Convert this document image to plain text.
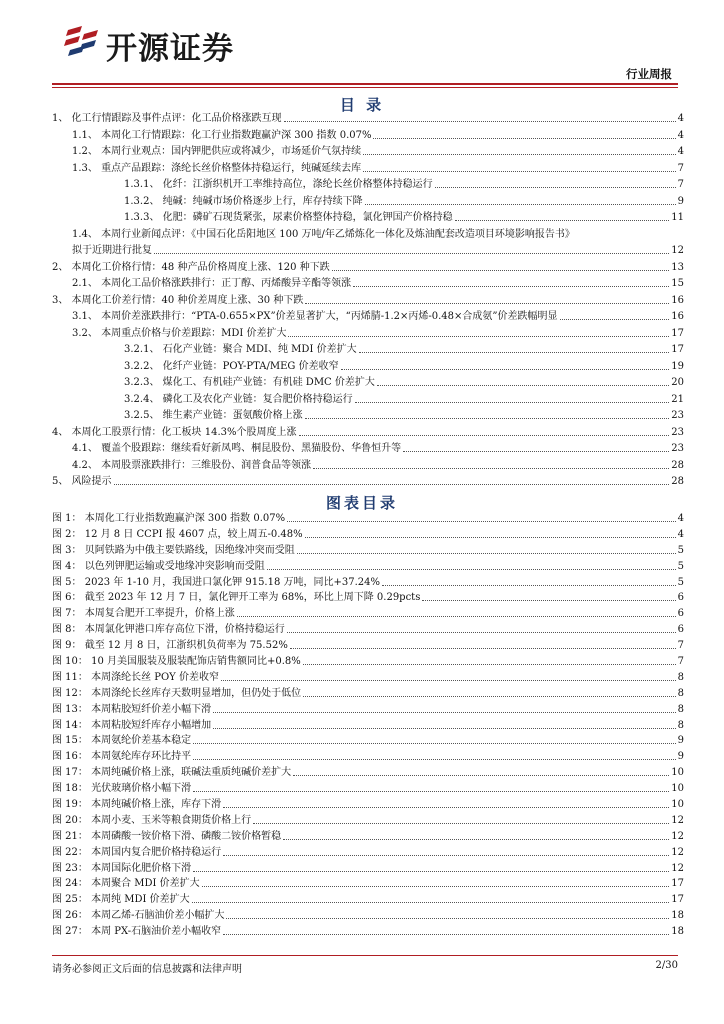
开源证券
行业周报
目 录
1、 化工行情跟踪及事件点评：化工品价格涨跌互现	4
1.1、 本周化工行情跟踪：化工行业指数跑赢沪深 300 指数 0.07%	4
1.2、 本周行业观点：国内钾肥供应或将减少，市场延价气氛持续	4
1.3、 重点产品跟踪：涤纶长丝价格整体持稳运行，纯碱延续去库	7
1.3.1、 化纤：江浙织机开工率维持高位，涤纶长丝价格整体持稳运行	7
1.3.2、 纯碱：纯碱市场价格逐步上行，库存持续下降	9
1.3.3、 化肥：磷矿石现货紧张，尿素价格整体持稳，氯化钾国产价格持稳	11
1.4、 本周行业新闻点评：《中国石化岳阳地区 100 万吨/年乙烯炼化一体化及炼油配套改造项目环境影响报告书》
拟于近期进行批复	12
2、 本周化工价格行情：48 种产品价格周度上涨、120 种下跌	13
2.1、 本周化工品价格涨跌排行：正丁醇、丙烯酸异辛酯等领涨	15
3、 本周化工价差行情：40 种价差周度上涨、30 种下跌	16
3.1、 本周价差涨跌排行：“PTA-0.655×PX”价差显著扩大，“丙烯腈-1.2×丙烯-0.48×合成氨”价差跌幅明显	16
3.2、 本周重点价格与价差跟踪：MDI 价差扩大	17
3.2.1、 石化产业链：聚合 MDI、纯 MDI 价差扩大	17
3.2.2、 化纤产业链：POY-PTA/MEG 价差收窄	19
3.2.3、 煤化工、有机硅产业链：有机硅 DMC 价差扩大	20
3.2.4、 磷化工及农化产业链：复合肥价格持稳运行	21
3.2.5、 维生素产业链：蛋氨酸价格上涨	23
4、 本周化工股票行情：化工板块 14.3%个股周度上涨	23
4.1、 覆盖个股跟踪：继续看好新凤鸣、桐昆股份、黑猫股份、华鲁恒升等	23
4.2、 本周股票涨跌排行：三维股份、润普食品等领涨	28
5、 风险提示	28
图表目录
图 1： 本周化工行业指数跑赢沪深 300 指数 0.07%	4
图 2： 12 月 8 日 CCPI 报 4607 点，较上周五-0.48%	4
图 3： 贝阿铁路为中俄主要铁路线，因绝缘冲突而受阻	5
图 4： 以色列钾肥运输或受地缘冲突影响而受阻	5
图 5： 2023 年 1-10 月，我国进口氯化钾 915.18 万吨，同比+37.24%	5
图 6： 截至 2023 年 12 月 7 日，氯化钾开工率为 68%，环比上周下降 0.29pcts	6
图 7： 本周复合肥开工率提升，价格上涨	6
图 8： 本周氯化钾港口库存高位下滑，价格持稳运行	6
图 9： 截至 12 月 8 日，江浙织机负荷率为 75.52%	7
图 10： 10 月美国服装及服装配饰店销售额同比+0.8%	7
图 11： 本周涤纶长丝 POY 价差收窄	8
图 12： 本周涤纶长丝库存天数明显增加，但仍处于低位	8
图 13： 本周粘胶短纤价差小幅下滑	8
图 14： 本周粘胶短纤库存小幅增加	8
图 15： 本周氨纶价差基本稳定	9
图 16： 本周氨纶库存环比持平	9
图 17： 本周纯碱价格上涨，联碱法重质纯碱价差扩大	10
图 18： 光伏玻璃价格小幅下滑	10
图 19： 本周纯碱价格上涨，库存下滑	10
图 20： 本周小麦、玉米等粮食期货价格上行	12
图 21： 本周磷酸一铵价格下滑、磷酸二铵价格暂稳	12
图 22： 本周国内复合肥价格持稳运行	12
图 23： 本周国际化肥价格下滑	12
图 24： 本周聚合 MDI 价差扩大	17
图 25： 本周纯 MDI 价差扩大	17
图 26： 本周乙烯-石脑油价差小幅扩大	18
图 27： 本周 PX-石脑油价差小幅收窄	18
请务必参阅正文后面的信息披露和法律声明	2/30
